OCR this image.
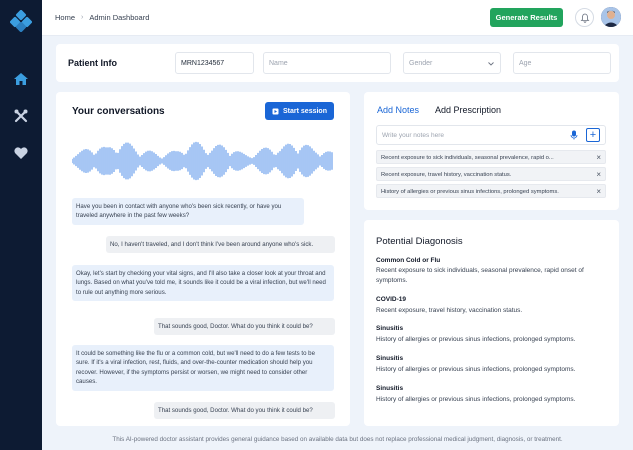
Home › Admin Dashboard	Generate Results
Patient Info	MRN1234567	Name	Gender	Age
Your conversations	Start session
Have you been in contact with anyone who's been sick recently, or have you traveled anywhere in the past few weeks?
No, I haven't traveled, and I don't think I've been around anyone who's sick.
Okay, let's start by checking your vital signs, and I'll also take a closer look at your throat and lungs. Based on what you've told me, it sounds like it could be a viral infection, but we'll need to rule out anything more serious.
That sounds good, Doctor. What do you think it could be?
It could be something like the flu or a common cold, but we'll need to do a few tests to be sure. If it's a viral infection, rest, fluids, and over-the-counter medication should help you recover. However, if the symptoms persist or worsen, we might need to consider other causes.
That sounds good, Doctor. What do you think it could be?
Add Notes Add Prescription
Write your notes here	+
Recent exposure to sick individuals, seasonal prevalence, rapid o...	×
Recent exposure, travel history, vaccination status.	×
History of allergies or previous sinus infections, prolonged symptoms.	×
Potential Diagonosis
Common Cold or Flu
Recent exposure to sick individuals, seasonal prevalence, rapid onset of symptoms.
COVID-19
Recent exposure, travel history, vaccination status.
Sinusitis
History of allergies or previous sinus infections, prolonged symptoms.
Sinusitis
History of allergies or previous sinus infections, prolonged symptoms.
Sinusitis
History of allergies or previous sinus infections, prolonged symptoms.
This AI-powered doctor assistant provides general guidance based on available data but does not replace professional medical judgment, diagnosis, or treatment.
